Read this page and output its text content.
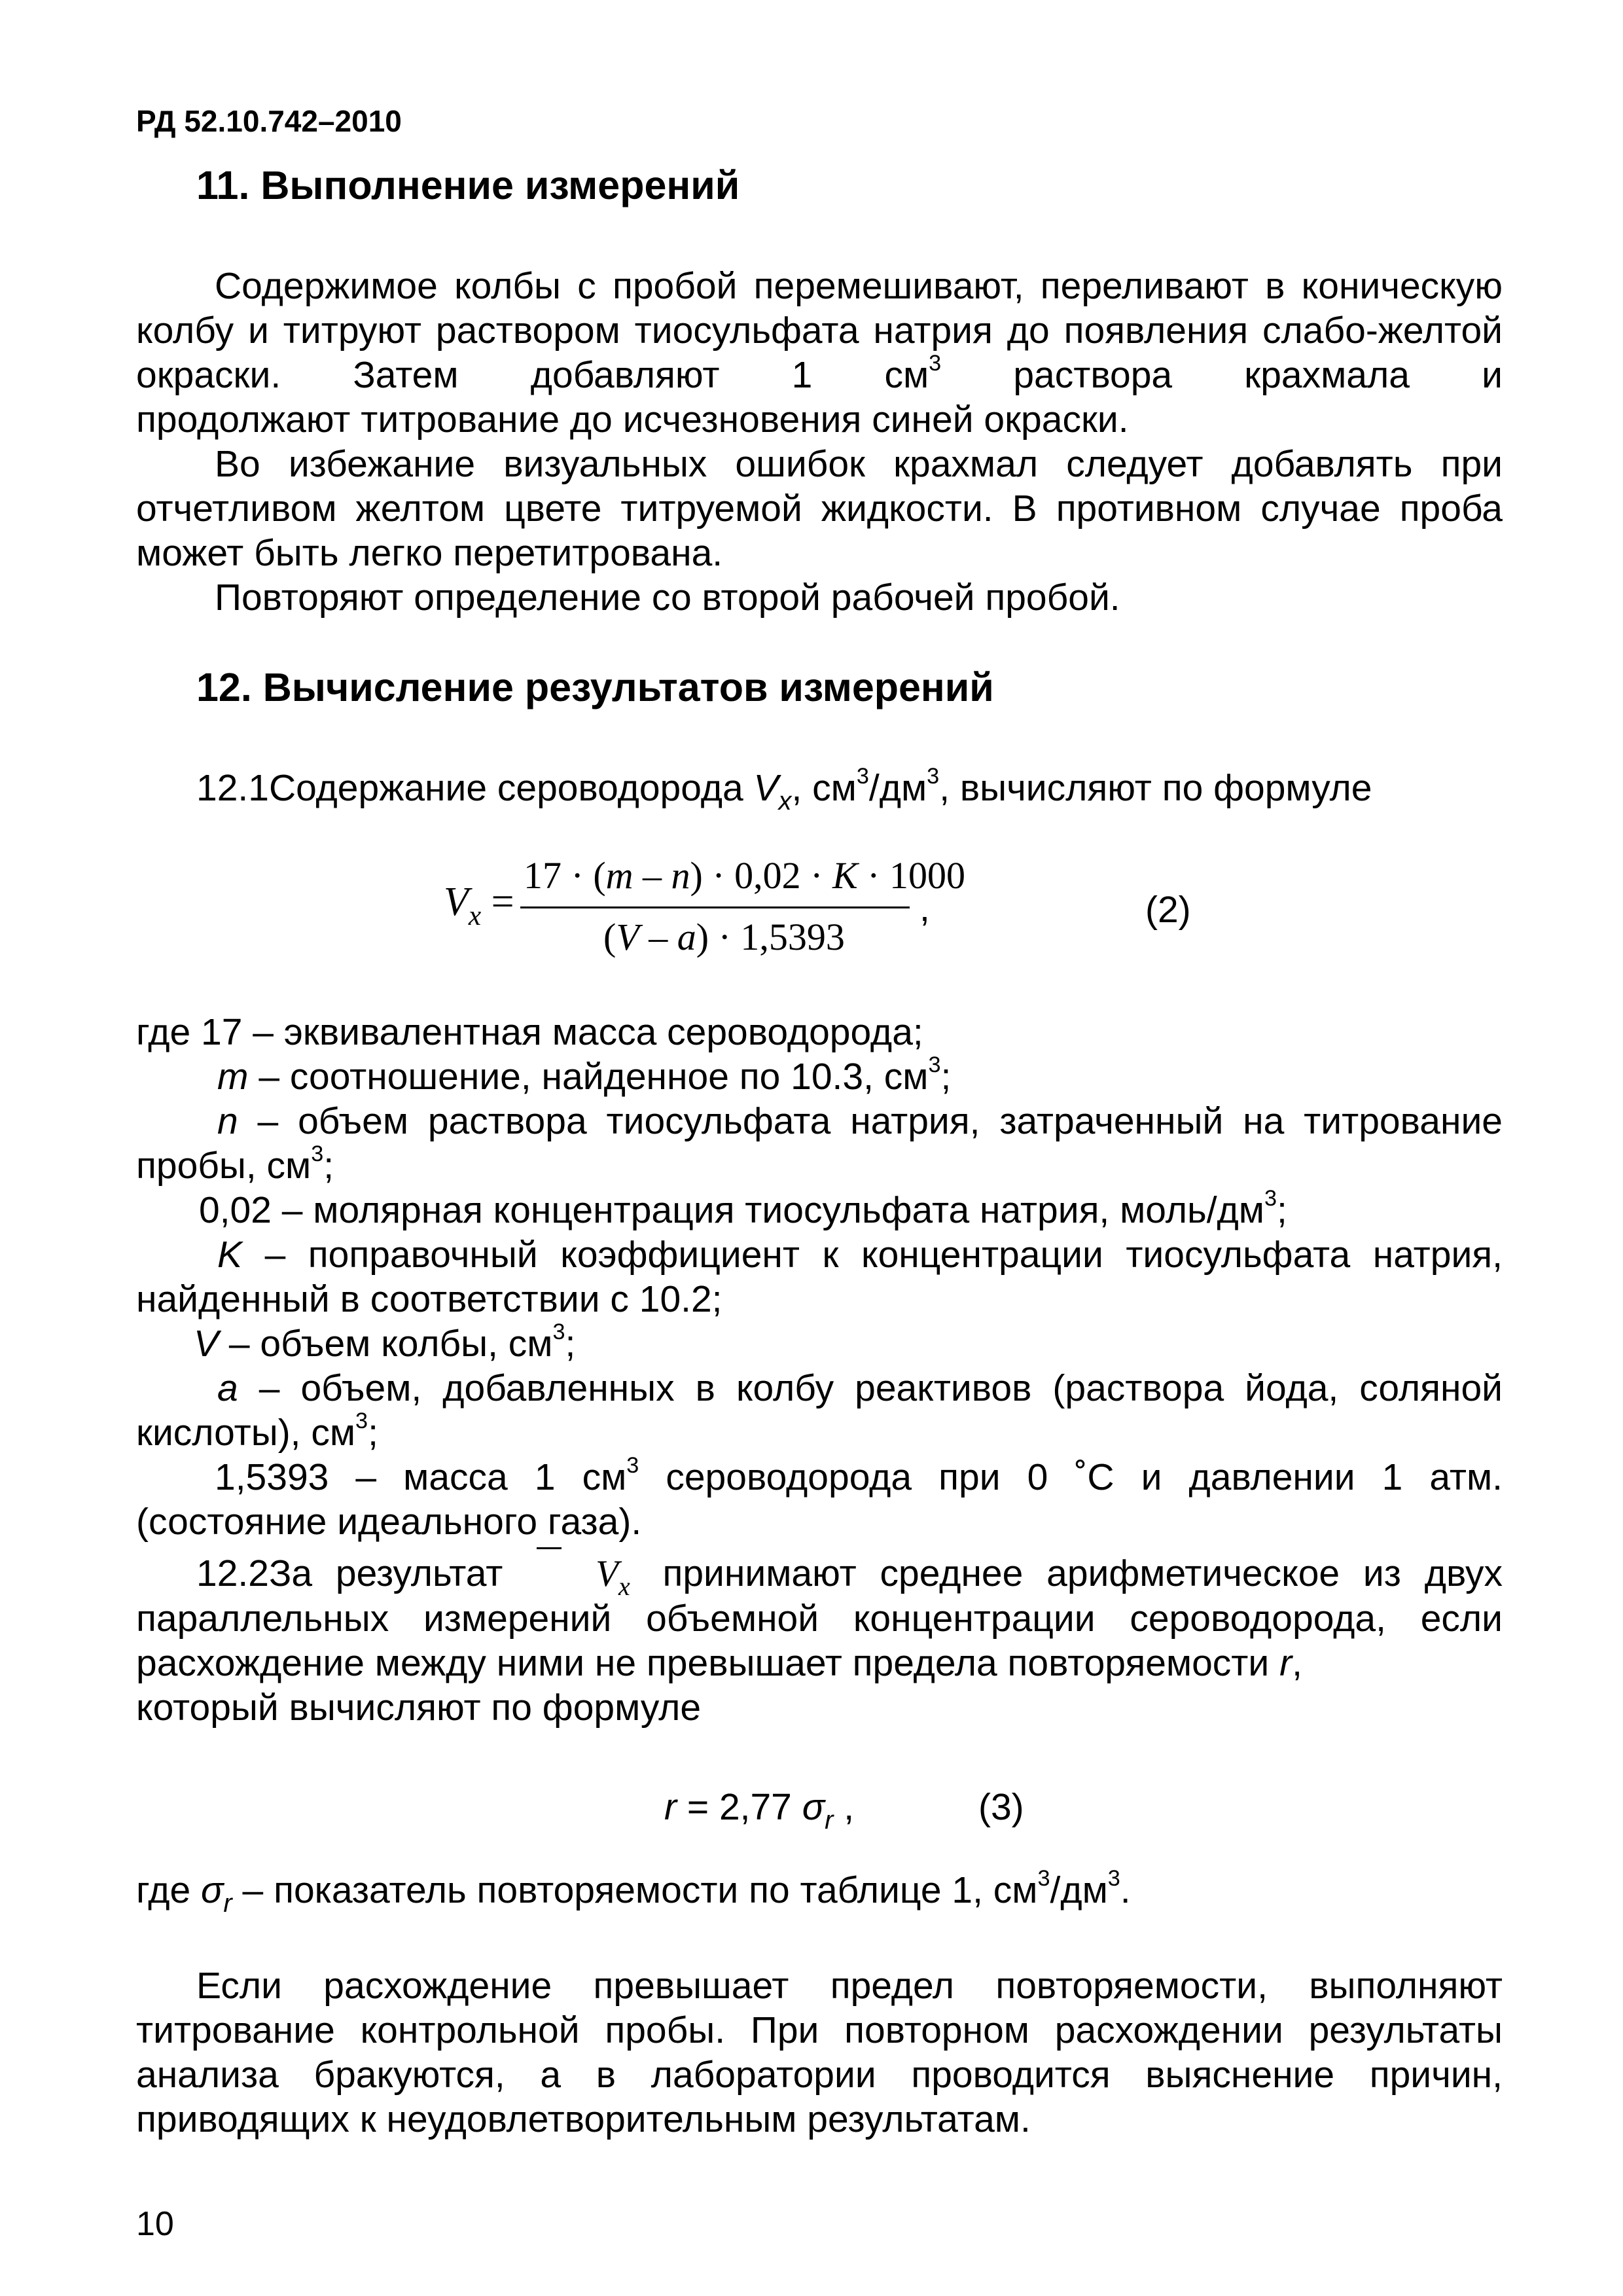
РД 52.10.742–2010
11. Выполнение измерений

Содержимое колбы с пробой перемешивают, переливают в коническую колбу и титруют раствором тиосульфата натрия до появления слабо-желтой окраски. Затем добавляют 1 $см^3$ раствора крахмала и

продолжают титрование до исчезновения синей окраски.

Во избежание визуальных ошибок крахмал следует добавлять при отчетливом желтом цвете титруемой жидкости. В противном случае проба может быть легко перетитрована.

Повторяют определение со второй рабочей пробой.

12. Вычисление результатов измерений

12.1Содержание сероводорода $V_x$, $см^3/дм^3$, вычисляют по формуле

$V_x$ =
17 · (m – n) · 0,02 · K · 1000
(V – a) · 1,5393
,	(2)

где 17 – эквивалентная масса сероводорода;

m – соотношение, найденное по 10.3, $см^3$;

n – объем раствора тиосульфата натрия, затраченный на титрование пробы, $см^3$;

0,02 – молярная концентрация тиосульфата натрия, моль/$дм^3$;

K – поправочный коэффициент к концентрации тиосульфата натрия, найденный в соответствии с 10.2;

V – объем колбы, $см^3$;

a – объем, добавленных в колбу реактивов (раствора йода, соляной кислоты), $см^3$;

1,5393 – масса 1 $см^3$ сероводорода при 0 ˚С и давлении 1 атм. (состояние идеального газа).

12.2За результат
$V_x$ принимают среднее арифметическое из двух параллельных измерений объемной концентрации сероводорода, если расхождение между ними не превышает предела повторяемости r,

который вычисляют по формуле

r = 2,77 $\sigma_r$ ,	(3)
где $\sigma_r$ – показатель повторяемости по таблице 1, $см^3/дм^3$.

Если расхождение превышает предел повторяемости, выполняют титрование контрольной пробы. При повторном расхождении результаты анализа бракуются, а в лаборатории проводится выяснение причин,

приводящих к неудовлетворительным результатам.

10
